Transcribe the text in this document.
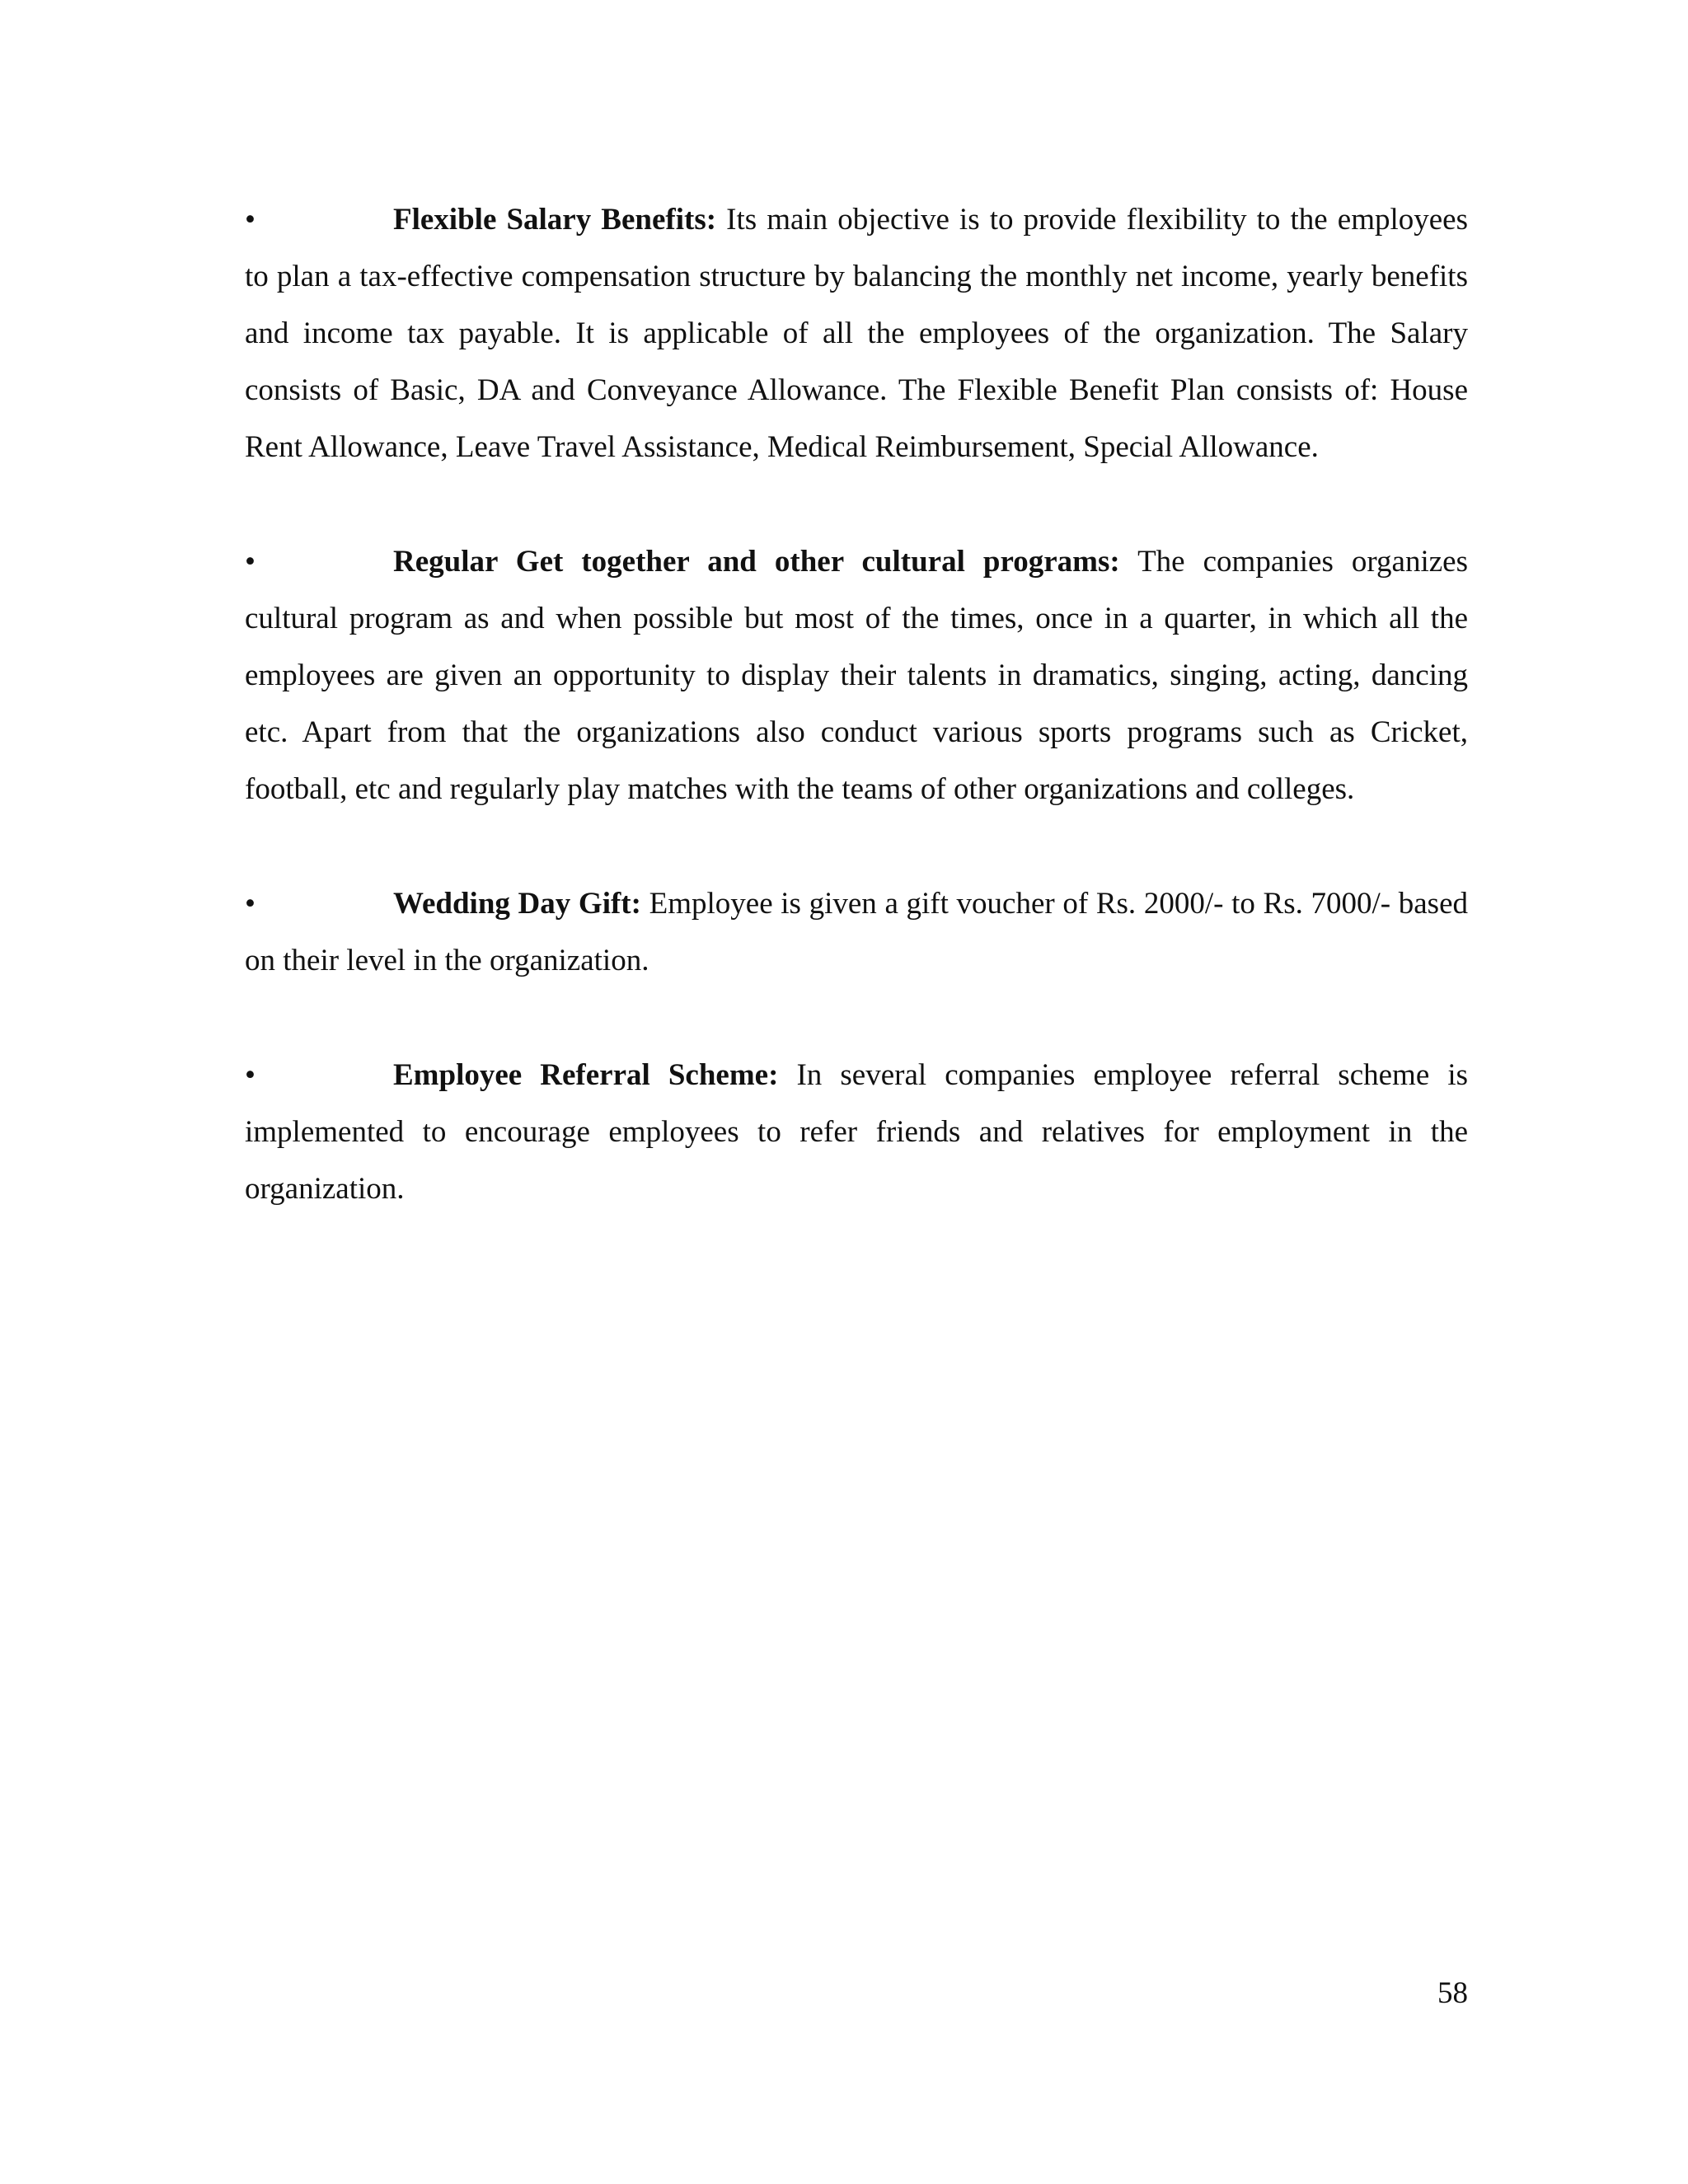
•	Flexible Salary Benefits: Its main objective is to provide flexibility to the employees to plan a tax-effective compensation structure by balancing the monthly net income, yearly benefits and income tax payable. It is applicable of all the employees of the organization. The Salary consists of Basic, DA and Conveyance Allowance. The Flexible Benefit Plan consists of: House Rent Allowance, Leave Travel Assistance, Medical Reimbursement, Special Allowance.

•	Regular Get together and other cultural programs: The companies organizes cultural program as and when possible but most of the times, once in a quarter, in which all the employees are given an opportunity to display their talents in dramatics, singing, acting, dancing etc. Apart from that the organizations also conduct various sports programs such as Cricket, football, etc and regularly play matches with the teams of other organizations and colleges.

•	Wedding Day Gift: Employee is given a gift voucher of Rs. 2000/- to Rs. 7000/- based on their level in the organization.

•	Employee Referral Scheme: In several companies employee referral scheme is implemented to encourage employees to refer friends and relatives for employment in the organization.

58
